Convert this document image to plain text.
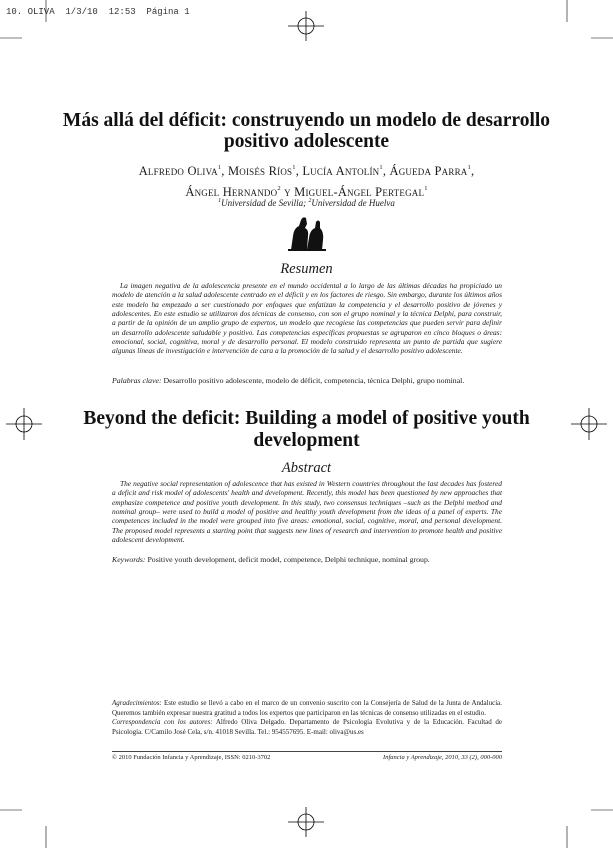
10. OLIVA  1/3/10  12:53  Página 1
Más allá del déficit: construyendo un modelo de desarrollo positivo adolescente
Alfredo Oliva$^1$, Moisés Ríos$^1$, Lucía Antolín$^1$, Águeda Parra$^1$,
Ángel Hernando$^2$ y Miguel-Ángel Pertegal$^1$
$^1$Universidad de Sevilla; $^2$Universidad de Huelva
Resumen
La imagen negativa de la adolescencia presente en el mundo occidental a lo largo de las últimas décadas ha propiciado un modelo de atención a la salud adolescente centrado en el déficit y en los factores de riesgo. Sin embargo, durante los últimos años este modelo ha empezado a ser cuestionado por enfoques que enfatizan la competencia y el desarrollo positivo de jóvenes y adolescentes. En este estudio se utilizaron dos técnicas de consenso, con son el grupo nominal y la técnica Delphi, para construir, a partir de la opinión de un amplio grupo de expertos, un modelo que recogiese las competencias que pueden servir para definir un desarrollo adolescente saludable y positivo. Las competencias específicas propuestas se agruparon en cinco bloques o áreas: emocional, social, cognitiva, moral y de desarrollo personal. El modelo construido representa un punto de partida que sugiere algunas líneas de investigación e intervención de cara a la promoción de la salud y el desarrollo positivo adolescente.
Palabras clave: Desarrollo positivo adolescente, modelo de déficit, competencia, técnica Delphi, grupo nominal.
Beyond the deficit: Building a model of positive youth development
Abstract
The negative social representation of adolescence that has existed in Western countries throughout the last decades has fostered a deficit and risk model of adolescents' health and development. Recently, this model has been questioned by new approaches that emphasize competence and positive youth development. In this study, two consensus techniques –such as the Delphi method and nominal group– were used to build a model of positive and healthy youth development from the ideas of a panel of experts. The competences included in the model were grouped into five areas: emotional, social, cognitive, moral, and personal development. The proposed model represents a starting point that suggests new lines of research and intervention to promote health and positive adolescent development.
Keywords: Positive youth development, deficit model, competence, Delphi technique, nominal group.
Agradecimientos: Este estudio se llevó a cabo en el marco de un convenio suscrito con la Consejería de Salud de la Junta de Andalucía. Queremos también expresar nuestra gratitud a todos los expertos que participaron en las técnicas de consenso utilizadas en el estudio.
Correspondencia con los autores: Alfredo Oliva Delgado. Departamento de Psicología Evolutiva y de la Educación. Facultad de Psicología. C/Camilo José Cela, s/n. 41018 Sevilla. Tel.: 954557695. E-mail: oliva@us.es
© 2010 Fundación Infancia y Aprendizaje, ISSN: 0210-3702	Infancia y Aprendizaje, 2010, 33 (2), 000-000
